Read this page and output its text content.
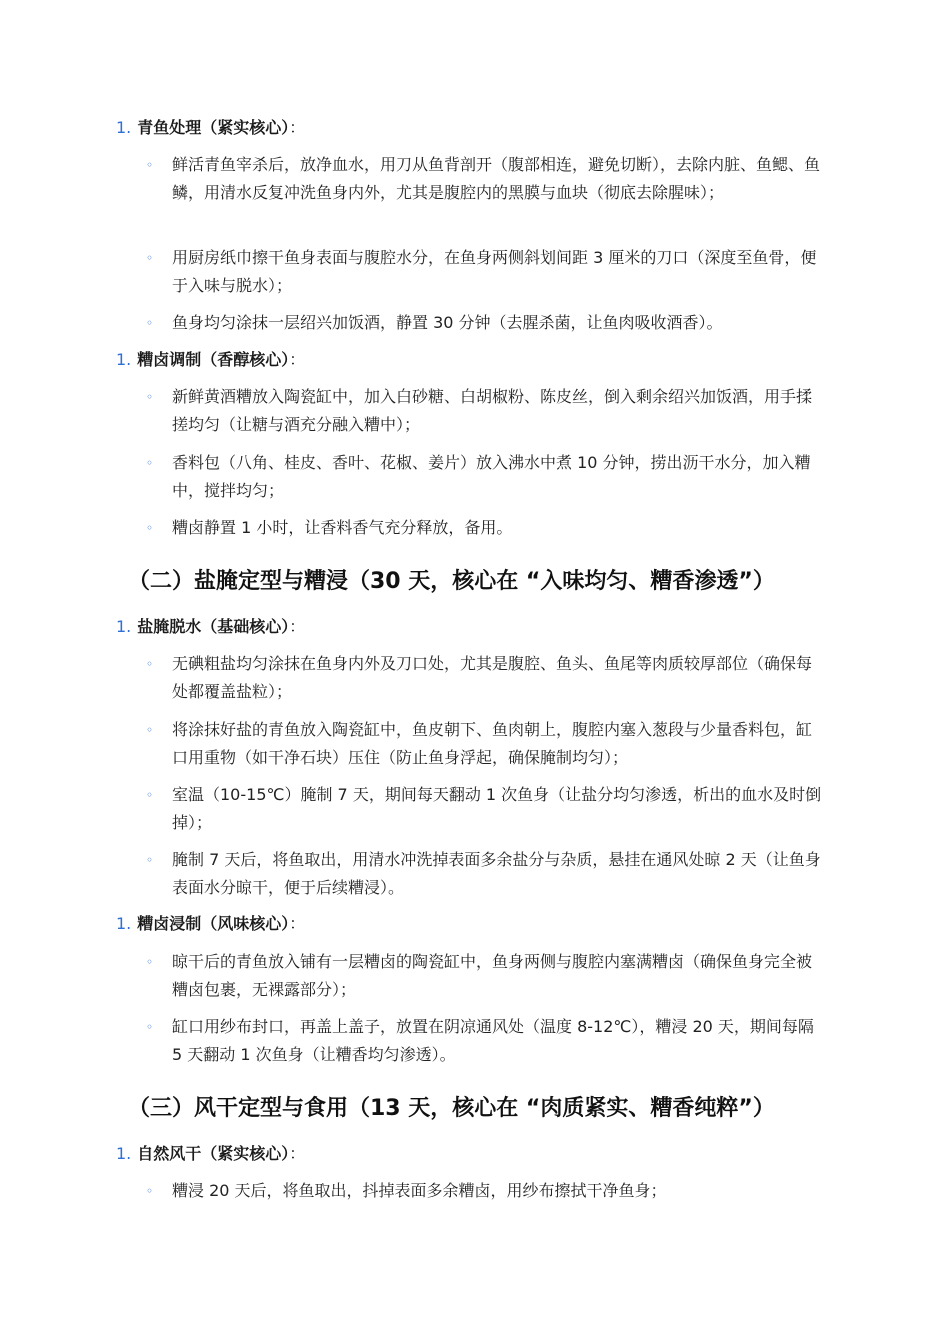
1. 青鱼处理（紧实核心）：
◦ 鲜活青鱼宰杀后，放净血水，用刀从鱼背剖开（腹部相连，避免切断），去除内脏、鱼鳃、鱼鳞，用清水反复冲洗鱼身内外，尤其是腹腔内的黑膜与血块（彻底去除腥味）；
◦ 用厨房纸巾擦干鱼身表面与腹腔水分，在鱼身两侧斜划间距 3 厘米的刀口（深度至鱼骨，便于入味与脱水）；
◦ 鱼身均匀涂抹一层绍兴加饭酒，静置 30 分钟（去腥杀菌，让鱼肉吸收酒香）。
1. 糟卤调制（香醇核心）：
◦ 新鲜黄酒糟放入陶瓷缸中，加入白砂糖、白胡椒粉、陈皮丝，倒入剩余绍兴加饭酒，用手揉搓均匀（让糖与酒充分融入糟中）；
◦ 香料包（八角、桂皮、香叶、花椒、姜片）放入沸水中煮 10 分钟，捞出沥干水分，加入糟中，搅拌均匀；
◦ 糟卤静置 1 小时，让香料香气充分释放，备用。
（二）盐腌定型与糟浸（30 天，核心在 “入味均匀、糟香渗透”）
1. 盐腌脱水（基础核心）：
◦ 无碘粗盐均匀涂抹在鱼身内外及刀口处，尤其是腹腔、鱼头、鱼尾等肉质较厚部位（确保每处都覆盖盐粒）；
◦ 将涂抹好盐的青鱼放入陶瓷缸中，鱼皮朝下、鱼肉朝上，腹腔内塞入葱段与少量香料包，缸口用重物（如干净石块）压住（防止鱼身浮起，确保腌制均匀）；
◦ 室温（10-15℃）腌制 7 天，期间每天翻动 1 次鱼身（让盐分均匀渗透，析出的血水及时倒掉）；
◦ 腌制 7 天后，将鱼取出，用清水冲洗掉表面多余盐分与杂质，悬挂在通风处晾 2 天（让鱼身表面水分晾干，便于后续糟浸）。
1. 糟卤浸制（风味核心）：
◦ 晾干后的青鱼放入铺有一层糟卤的陶瓷缸中，鱼身两侧与腹腔内塞满糟卤（确保鱼身完全被糟卤包裹，无裸露部分）；
◦ 缸口用纱布封口，再盖上盖子，放置在阴凉通风处（温度 8-12℃），糟浸 20 天，期间每隔 5 天翻动 1 次鱼身（让糟香均匀渗透）。
（三）风干定型与食用（13 天，核心在 “肉质紧实、糟香纯粹”）
1. 自然风干（紧实核心）：
◦ 糟浸 20 天后，将鱼取出，抖掉表面多余糟卤，用纱布擦拭干净鱼身；
